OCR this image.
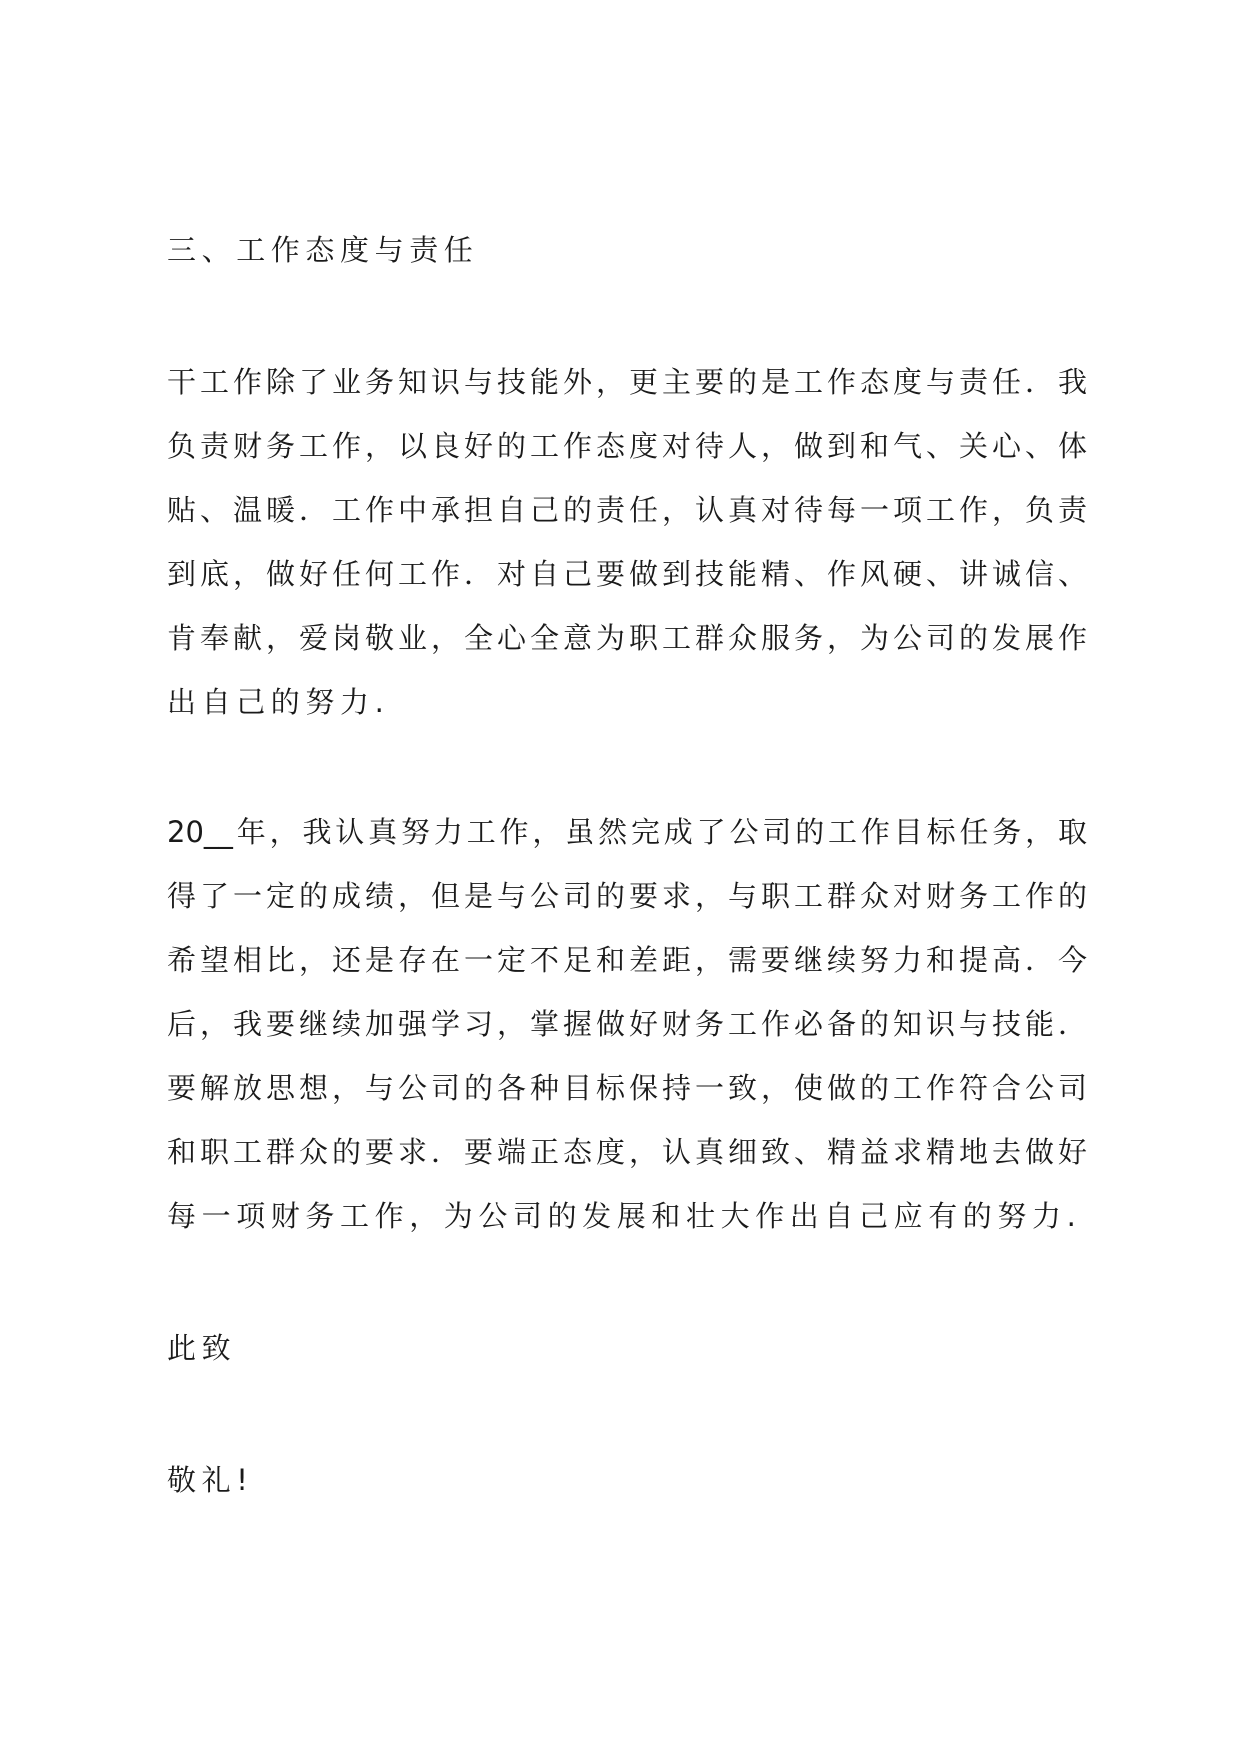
三、工作态度与责任
干工作除了业务知识与技能外，更主要的是工作态度与责任．我
负责财务工作，以良好的工作态度对待人，做到和气、关心、体
贴、温暖．工作中承担自己的责任，认真对待每一项工作，负责
到底，做好任何工作．对自己要做到技能精、作风硬、讲诚信、
肯奉献，爱岗敬业，全心全意为职工群众服务，为公司的发展作
出自己的努力.
20__年，我认真努力工作，虽然完成了公司的工作目标任务，取
得了一定的成绩，但是与公司的要求，与职工群众对财务工作的
希望相比，还是存在一定不足和差距，需要继续努力和提高．今
后，我要继续加强学习，掌握做好财务工作必备的知识与技能．
要解放思想，与公司的各种目标保持一致，使做的工作符合公司
和职工群众的要求．要端正态度，认真细致、精益求精地去做好
每一项财务工作，为公司的发展和壮大作出自己应有的努力.
此致
敬礼!
